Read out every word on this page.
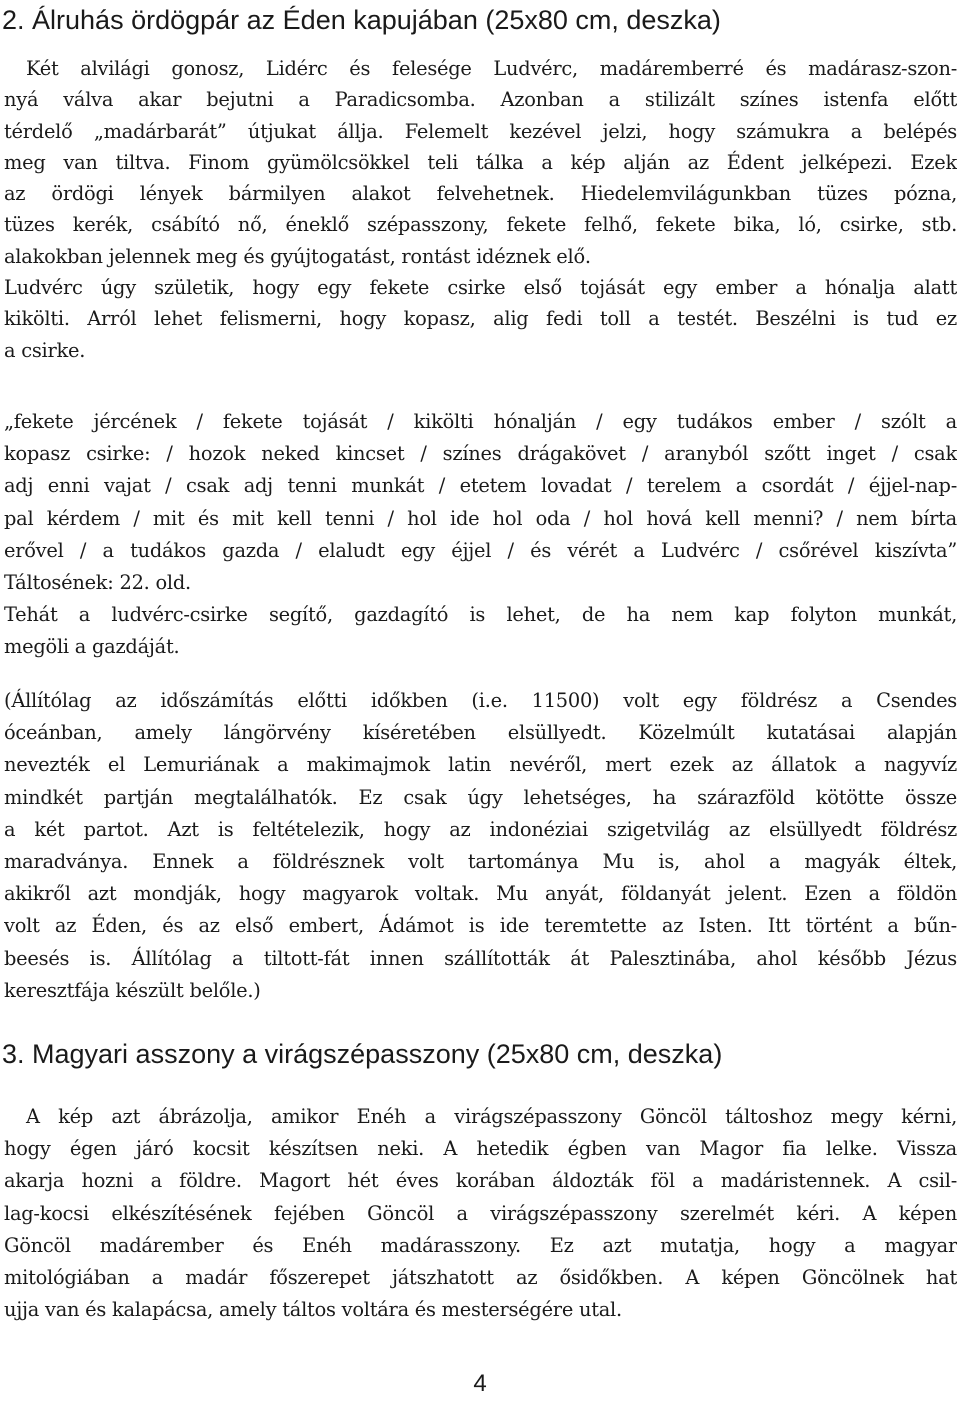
2. Álruhás ördögpár az Éden kapujában (25x80 cm, deszka)
Két alvilági gonosz, Lidérc és felesége Ludvérc, madáremberré és madárasz-szon-
nyá válva akar bejutni a Paradicsomba. Azonban a stilizált színes istenfa előtt
térdelő „madárbarát” útjukat állja. Felemelt kezével jelzi, hogy számukra a belépés
meg van tiltva. Finom gyümölcsökkel teli tálka a kép alján az Édent jelképezi. Ezek
az ördögi lények bármilyen alakot felvehetnek. Hiedelemvilágunkban tüzes pózna,
tüzes kerék, csábító nő, éneklő szépasszony, fekete felhő, fekete bika, ló, csirke, stb.
alakokban jelennek meg és gyújtogatást, rontást idéznek elő.
Ludvérc úgy születik, hogy egy fekete csirke első tojását egy ember a hónalja alatt
kikölti. Arról lehet felismerni, hogy kopasz, alig fedi toll a testét. Beszélni is tud ez
a csirke.
„fekete jércének / fekete tojását / kikölti hónalján / egy tudákos ember / szólt a
kopasz csirke: / hozok neked kincset / színes drágakövet / aranyból szőtt inget / csak
adj enni vajat / csak adj tenni munkát / etetem lovadat / terelem a csordát / éjjel-nap-
pal kérdem / mit és mit kell tenni / hol ide hol oda / hol hová kell menni? / nem bírta
erővel / a tudákos gazda / elaludt egy éjjel / és vérét a Ludvérc / csőrével kiszívta”
Táltosének: 22. old.
Tehát a ludvérc-csirke segítő, gazdagító is lehet, de ha nem kap folyton munkát,
megöli a gazdáját.
(Állítólag az időszámítás előtti időkben (i.e. 11500) volt egy földrész a Csendes
óceánban, amely lángörvény kíséretében elsüllyedt. Közelmúlt kutatásai alapján
nevezték el Lemuriának a makimajmok latin nevéről, mert ezek az állatok a nagyvíz
mindkét partján megtalálhatók. Ez csak úgy lehetséges, ha szárazföld kötötte össze
a két partot. Azt is feltételezik, hogy az indonéziai szigetvilág az elsüllyedt földrész
maradványa. Ennek a földrésznek volt tartománya Mu is, ahol a magyák éltek,
akikről azt mondják, hogy magyarok voltak. Mu anyát, földanyát jelent. Ezen a földön
volt az Éden, és az első embert, Ádámot is ide teremtette az Isten. Itt történt a bűn-
beesés is. Állítólag a tiltott-fát innen szállították át Palesztinába, ahol később Jézus
keresztfája készült belőle.)
3. Magyari asszony a virágszépasszony (25x80 cm, deszka)
A kép azt ábrázolja, amikor Enéh a virágszépasszony Göncöl táltoshoz megy kérni,
hogy égen járó kocsit készítsen neki. A hetedik égben van Magor fia lelke. Vissza
akarja hozni a földre. Magort hét éves korában áldozták föl a madáristennek. A csil-
lag-kocsi elkészítésének fejében Göncöl a virágszépasszony szerelmét kéri. A képen
Göncöl madárember és Enéh madárasszony. Ez azt mutatja, hogy a magyar
mitológiában a madár főszerepet játszhatott az ősidőkben. A képen Göncölnek hat
ujja van és kalapácsa, amely táltos voltára és mesterségére utal.
4
